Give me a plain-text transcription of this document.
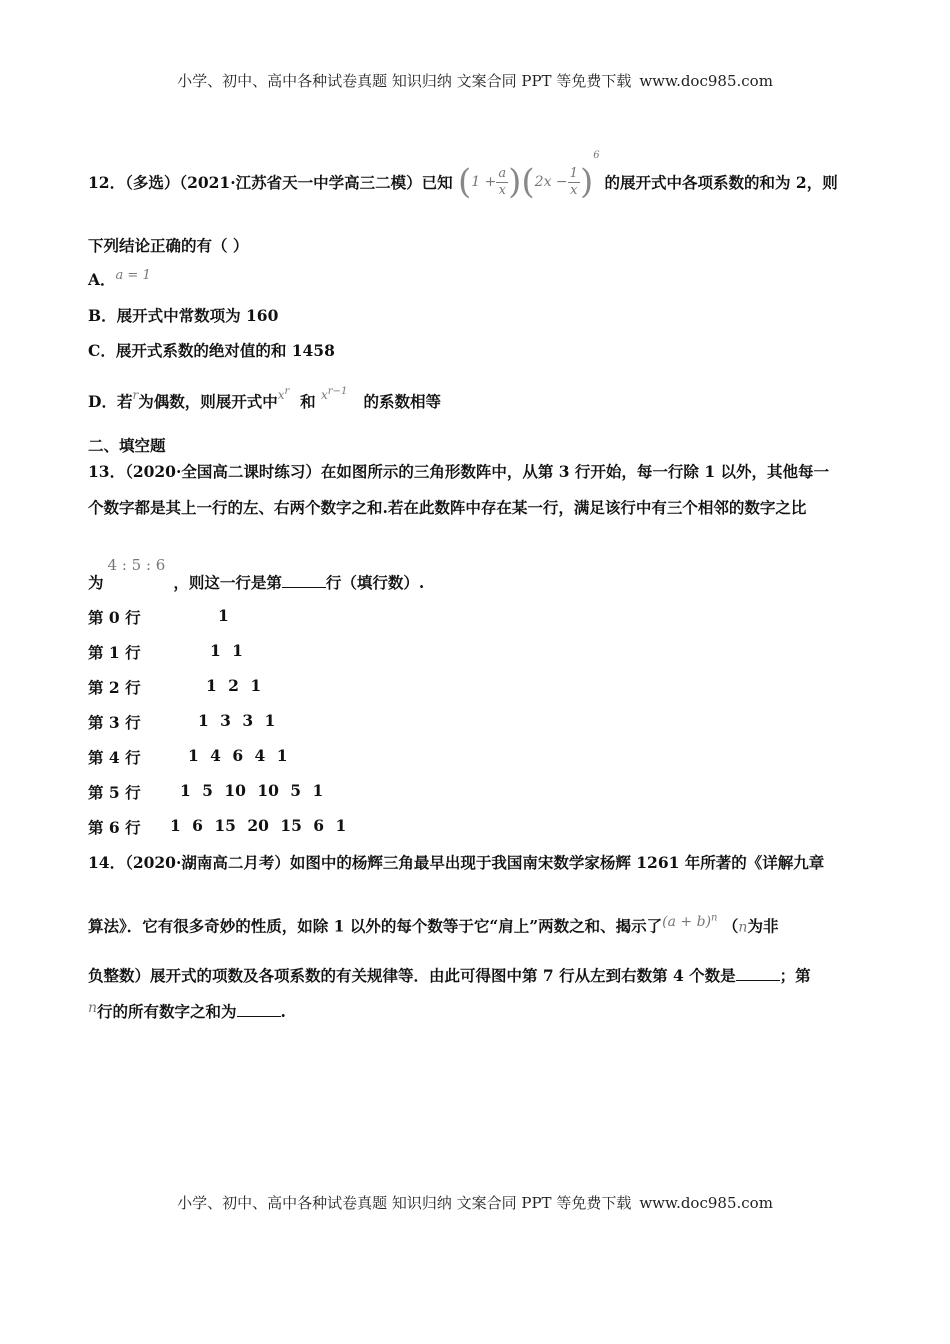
小学、初中、高中各种试卷真题 知识归纳 文案合同 PPT 等免费下载 www.doc985.com
12．（多选）（2021·江苏省天一中学高三二模）已知 $(1 + \frac{a}{x} )(2x - \frac{1}{x} )^6$ 的展开式中各项系数的和为 2，则
下列结论正确的有（ ）
A．$^{a = 1}$
B．展开式中常数项为 160
C．展开式系数的绝对值的和 1458
D．若$^r$为偶数，则展开式中$^{x^r}$  和 $^{x^{r-1}}$   的系数相等
二、填空题
13．（2020·全国高二课时练习）在如图所示的三角形数阵中，从第 3 行开始，每一行除 1 以外，其他每一
个数字都是其上一行的左、右两个数字之和.若在此数阵中存在某一行，满足该行中有三个相邻的数字之比
为4 : 5 : 6，则这一行是第	行（填行数）.
第 0 行	1
第 1 行	1 1
第 2 行	1 2 1
第 3 行	1 3 3 1
第 4 行	1 4 6 4 1
第 5 行	1 5 10 10 5 1
第 6 行 1 6 15 20 15 6 1
14．（2020·湖南高二月考）如图中的杨辉三角最早出现于我国南宋数学家杨辉 1261 年所著的《详解九章
算法》．它有很多奇妙的性质，如除 1 以外的每个数等于它“肩上”两数之和、揭示了$(a + b)^n$ （n为非
负整数）展开式的项数及各项系数的有关规律等．由此可得图中第 7 行从左到右数第 4 个数是	；第
n行的所有数字之和为	.
小学、初中、高中各种试卷真题 知识归纳 文案合同 PPT 等免费下载 www.doc985.com
